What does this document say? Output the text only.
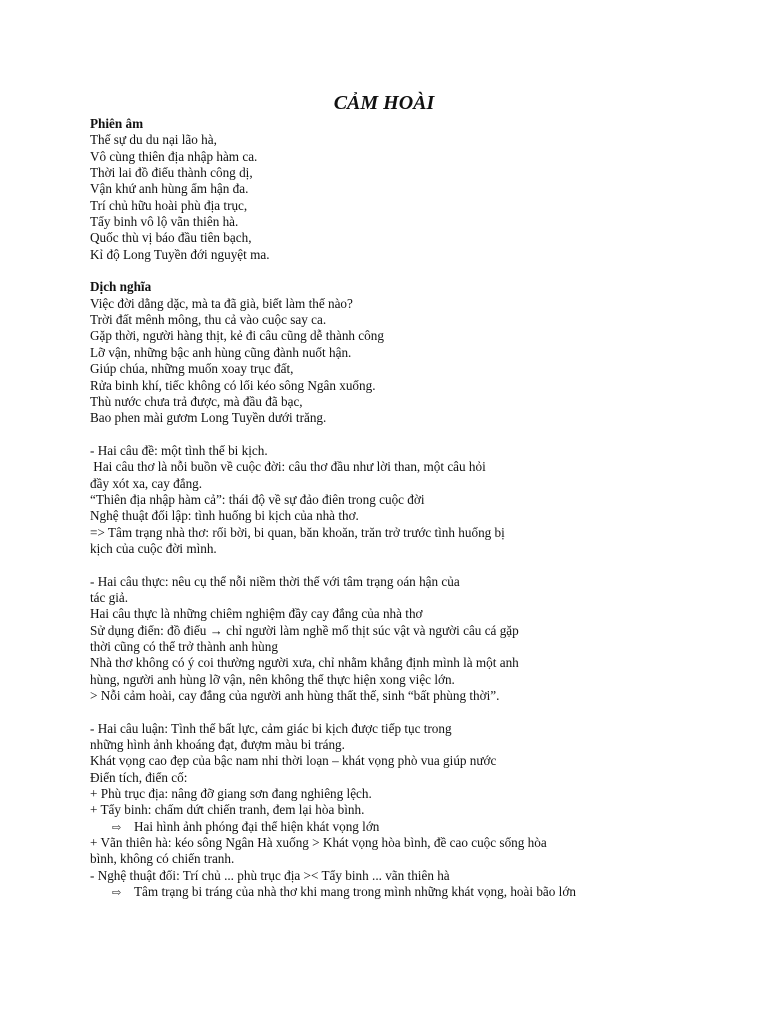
CẢM HOÀI
Phiên âm
Thế sự du du nại lão hà,
Vô cùng thiên địa nhập hàm ca.
Thời lai đồ điếu thành công dị,
Vận khứ anh hùng ẩm hận đa.
Trí chủ hữu hoài phù địa trục,
Tẩy binh vô lộ vãn thiên hà.
Quốc thù vị báo đầu tiên bạch,
Kỉ độ Long Tuyền đới nguyệt ma.
Dịch nghĩa
Việc đời dằng dặc, mà ta đã già, biết làm thế nào?
Trời đất mênh mông, thu cả vào cuộc say ca.
Gặp thời, người hàng thịt, kẻ đi câu cũng dễ thành công
Lỡ vận, những bậc anh hùng cũng đành nuốt hận.
Giúp chúa, những muốn xoay trục đất,
Rửa binh khí, tiếc không có lối kéo sông Ngân xuống.
Thù nước chưa trả được, mà đầu đã bạc,
Bao phen mài gươm Long Tuyền dưới trăng.
- Hai câu đề: một tình thế bi kịch.
Hai câu thơ là nỗi buồn về cuộc đời: câu thơ đầu như lời than, một câu hỏi
đầy xót xa, cay đắng.
“Thiên địa nhập hàm cả”: thái độ về sự đảo điên trong cuộc đời
Nghệ thuật đối lập: tình huống bi kịch của nhà thơ.
=> Tâm trạng nhà thơ: rối bời, bi quan, băn khoăn, trăn trở trước tình huống bị
kịch của cuộc đời mình.
- Hai câu thực: nêu cụ thể nỗi niềm thời thế với tâm trạng oán hận của
tác giả.
Hai câu thực là những chiêm nghiệm đầy cay đắng của nhà thơ
Sử dụng điển: đồ điếu → chỉ người làm nghề mổ thịt súc vật và người câu cá gặp
thời cũng có thể trở thành anh hùng
Nhà thơ không có ý coi thường người xưa, chỉ nhằm khẳng định mình là một anh
hùng, người anh hùng lỡ vận, nên không thể thực hiện xong việc lớn.
> Nỗi cảm hoài, cay đắng của người anh hùng thất thế, sinh “bất phùng thời”.
- Hai câu luận: Tình thế bất lực, cảm giác bi kịch được tiếp tục trong
những hình ảnh khoáng đạt, đượm màu bi tráng.
Khát vọng cao đẹp của bậc nam nhi thời loạn – khát vọng phò vua giúp nước
Điển tích, điển cố:
+ Phù trục địa: nâng đỡ giang sơn đang nghiêng lệch.
+ Tẩy binh: chấm dứt chiến tranh, đem lại hòa bình.
⇨ Hai hình ảnh phóng đại thể hiện khát vọng lớn
+ Vãn thiên hà: kéo sông Ngân Hà xuống > Khát vọng hòa bình, đề cao cuộc sống hòa
bình, không có chiến tranh.
- Nghệ thuật đối: Trí chủ ... phù trục địa >< Tẩy binh ... vãn thiên hà
⇨ Tâm trạng bi tráng của nhà thơ khi mang trong mình những khát vọng, hoài bão lớn
